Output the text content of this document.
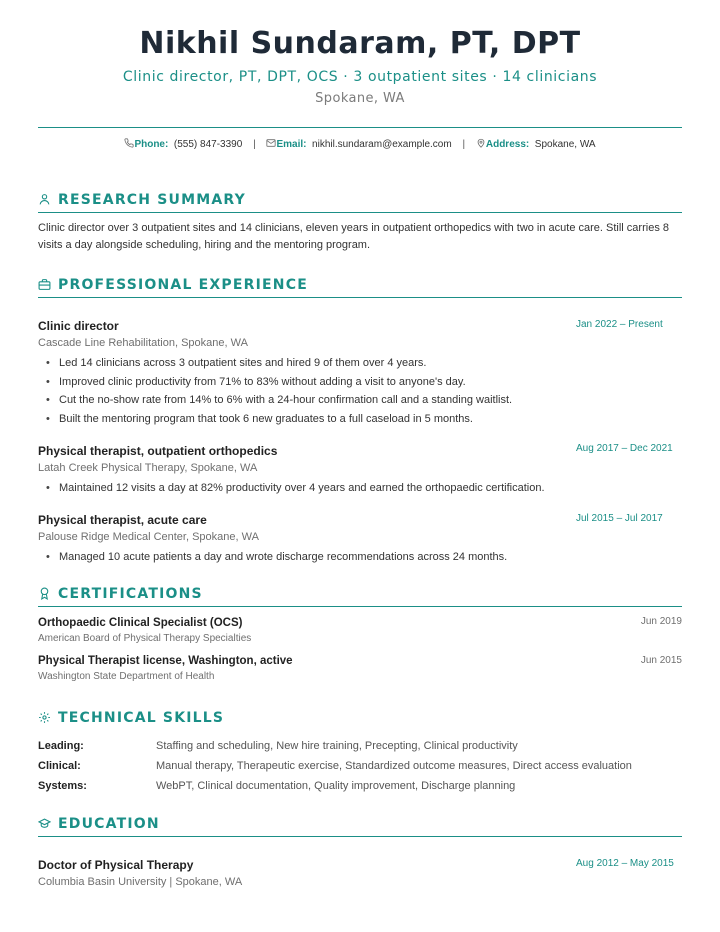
Nikhil Sundaram, PT, DPT
Clinic director, PT, DPT, OCS · 3 outpatient sites · 14 clinicians
Spokane, WA
Phone: (555) 847-3390 | Email: nikhil.sundaram@example.com | Address: Spokane, WA
RESEARCH SUMMARY
Clinic director over 3 outpatient sites and 14 clinicians, eleven years in outpatient orthopedics with two in acute care. Still carries 8 visits a day alongside scheduling, hiring and the mentoring program.
PROFESSIONAL EXPERIENCE
Clinic director	Jan 2022 – Present
Cascade Line Rehabilitation, Spokane, WA
• Led 14 clinicians across 3 outpatient sites and hired 9 of them over 4 years.
• Improved clinic productivity from 71% to 83% without adding a visit to anyone's day.
• Cut the no-show rate from 14% to 6% with a 24-hour confirmation call and a standing waitlist.
• Built the mentoring program that took 6 new graduates to a full caseload in 5 months.
Physical therapist, outpatient orthopedics	Aug 2017 – Dec 2021
Latah Creek Physical Therapy, Spokane, WA
• Maintained 12 visits a day at 82% productivity over 4 years and earned the orthopaedic certification.
Physical therapist, acute care	Jul 2015 – Jul 2017
Palouse Ridge Medical Center, Spokane, WA
• Managed 10 acute patients a day and wrote discharge recommendations across 24 months.
CERTIFICATIONS
Orthopaedic Clinical Specialist (OCS)	Jun 2019
American Board of Physical Therapy Specialties
Physical Therapist license, Washington, active	Jun 2015
Washington State Department of Health
TECHNICAL SKILLS
Leading:	Staffing and scheduling, New hire training, Precepting, Clinical productivity
Clinical:	Manual therapy, Therapeutic exercise, Standardized outcome measures, Direct access evaluation
Systems:	WebPT, Clinical documentation, Quality improvement, Discharge planning
EDUCATION
Doctor of Physical Therapy	Aug 2012 – May 2015
Columbia Basin University | Spokane, WA
